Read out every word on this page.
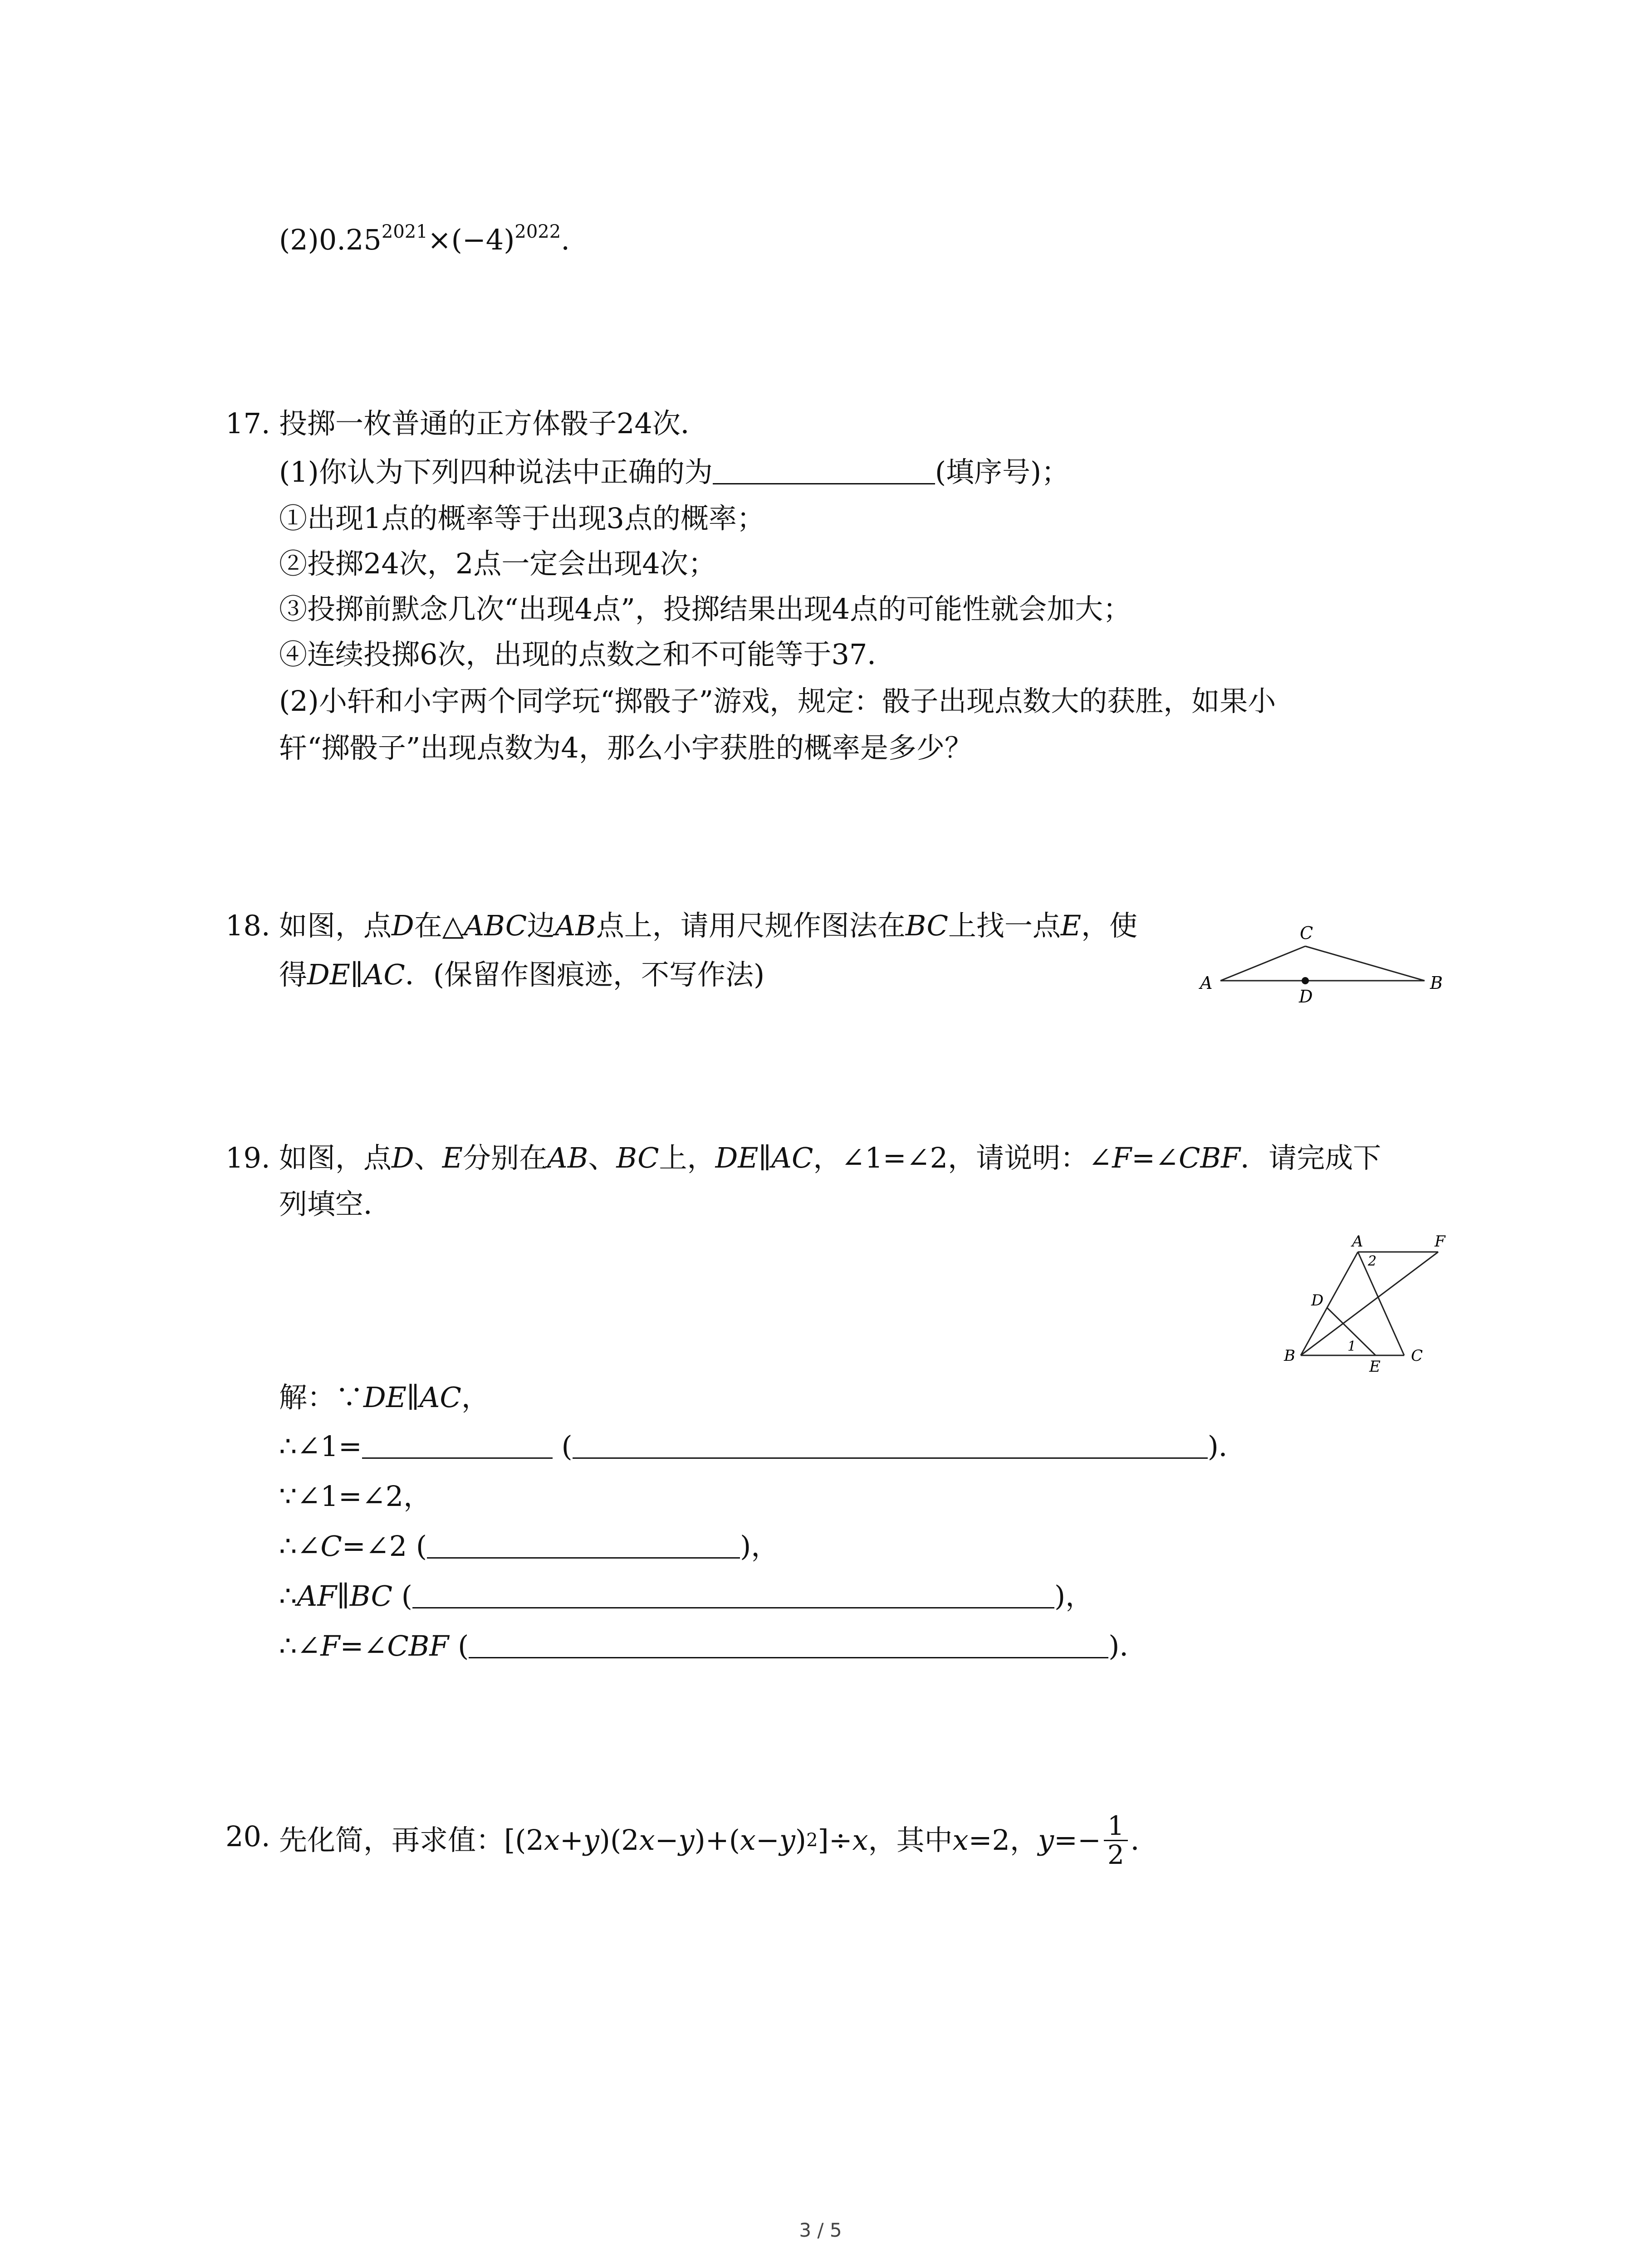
$(2)0.25^{2021}\times(-4)^{2022}$.
17. 投掷一枚普通的正方体骰子24次．
(1)你认为下列四种说法中正确的为	(填序号)；
①出现1点的概率等于出现3点的概率；
②投掷24次，2点一定会出现4次；
③投掷前默念几次“出现4点”，投掷结果出现4点的可能性就会加大；
④连续投掷6次，出现的点数之和不可能等于37．
(2)小轩和小宇两个同学玩“掷骰子”游戏，规定：骰子出现点数大的获胜，如果小
轩“掷骰子”出现点数为4，那么小宇获胜的概率是多少？
18. 如图，点D在△ABC边AB点上，请用尺规作图法在BC上找一点E，使
得DE∥AC．(保留作图痕迹，不写作法)
C
A	B
D
19. 如图，点D、E分别在AB、BC上，DE∥AC，∠1=∠2，请说明：∠F=∠CBF．请完成下
列填空．
A	F
D
B
E
C
1
2
解：∵DE∥AC，
∴∠1=	(	)．
∵∠1=∠2，
∴∠C=∠2 (	)，
∴AF∥BC (	)，
∴∠F=∠CBF (	)．
20. 先化简，再求值： [(2 x + y )(2 x − y )+( x − y ) 2 ]÷ x ，其中 x =2， $y =- \frac{1}{2}$ ．
3 / 5
